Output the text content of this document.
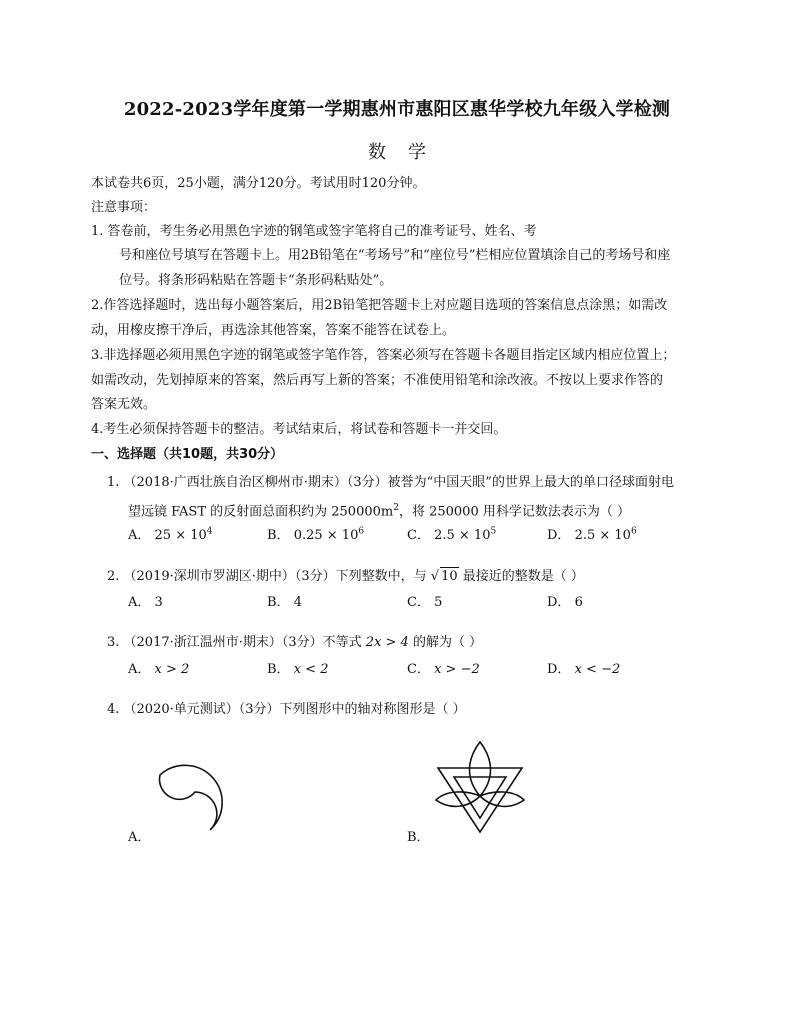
2022-2023学年度第一学期惠州市惠阳区惠华学校九年级入学检测
数学
本试卷共6页，25小题，满分120分。考试用时120分钟。
注意事项：
1. 答卷前，考生务必用黑色字迹的钢笔或签字笔将自己的准考证号、姓名、考
号和座位号填写在答题卡上。用2B铅笔在“考场号”和“座位号”栏相应位置填涂自己的考场号和座
位号。将条形码粘贴在答题卡“条形码粘贴处”。
2.作答选择题时，选出每小题答案后，用2B铅笔把答题卡上对应题目选项的答案信息点涂黑；如需改
动，用橡皮擦干净后，再选涂其他答案，答案不能答在试卷上。
3.非选择题必须用黑色字迹的钢笔或签字笔作答，答案必须写在答题卡各题目指定区域内相应位置上；
如需改动，先划掉原来的答案，然后再写上新的答案；不准使用铅笔和涂改液。不按以上要求作答的
答案无效。
4.考生必须保持答题卡的整洁。考试结束后，将试卷和答题卡一并交回。
一、选择题（共10题，共30分）
1. （2018·广西壮族自治区柳州市·期末）（3分）被誉为“中国天眼”的世界上最大的单口径球面射电
望远镜 FAST 的反射面总面积约为 $250000m^2$，将 250000 用科学记数法表示为（ ）
A． $25 \times 10^4$	B． $0.25 \times 10^6$	C． $2.5 \times 10^5$	D． $2.5 \times 10^6$
2. （2019·深圳市罗湖区·期中）（3分）下列整数中，与 √ 10 最接近的整数是（ ）
A． 3	B． 4	C． 5	D． 6
3. （2017·浙江温州市·期末）（3分）不等式 2x > 4 的解为（ ）
A． x > 2	B． x < 2	C． x > −2	D． x < −2
4. （2020·单元测试）（3分）下列图形中的轴对称图形是（ ）
A．	B．
